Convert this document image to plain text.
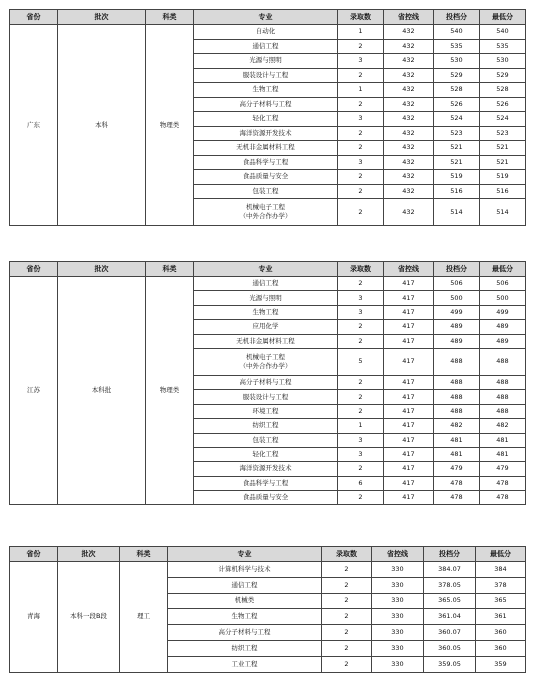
省份	批次	科类	专业	录取数	省控线	投档分	最低分
广东	本科	物理类	自动化	1	432	540	540
			通信工程	2	432	535	535
			光源与照明	3	432	530	530
			服装设计与工程	2	432	529	529
			生物工程	1	432	528	528
			高分子材料与工程	2	432	526	526
			轻化工程	3	432	524	524
			海洋资源开发技术	2	432	523	523
			无机非金属材料工程	2	432	521	521
			食品科学与工程	3	432	521	521
			食品质量与安全	2	432	519	519
			包装工程	2	432	516	516
			机械电子工程
（中外合作办学）	2	432	514	514
省份	批次	科类	专业	录取数	省控线	投档分	最低分
江苏	本科批	物理类	通信工程	2	417	506	506
			光源与照明	3	417	500	500
			生物工程	3	417	499	499
			应用化学	2	417	489	489
			无机非金属材料工程	2	417	489	489
			机械电子工程
（中外合作办学）	5	417	488	488
			高分子材料与工程	2	417	488	488
			服装设计与工程	2	417	488	488
			环境工程	2	417	488	488
			纺织工程	1	417	482	482
			包装工程	3	417	481	481
			轻化工程	3	417	481	481
			海洋资源开发技术	2	417	479	479
			食品科学与工程	6	417	478	478
			食品质量与安全	2	417	478	478
省份	批次	科类	专业	录取数	省控线	投档分	最低分
青海	本科一段B段	理工	计算机科学与技术	2	330	384.07	384
			通信工程	2	330	378.05	378
			机械类	2	330	365.05	365
			生物工程	2	330	361.04	361
			高分子材料与工程	2	330	360.07	360
			纺织工程	2	330	360.05	360
			工业工程	2	330	359.05	359
